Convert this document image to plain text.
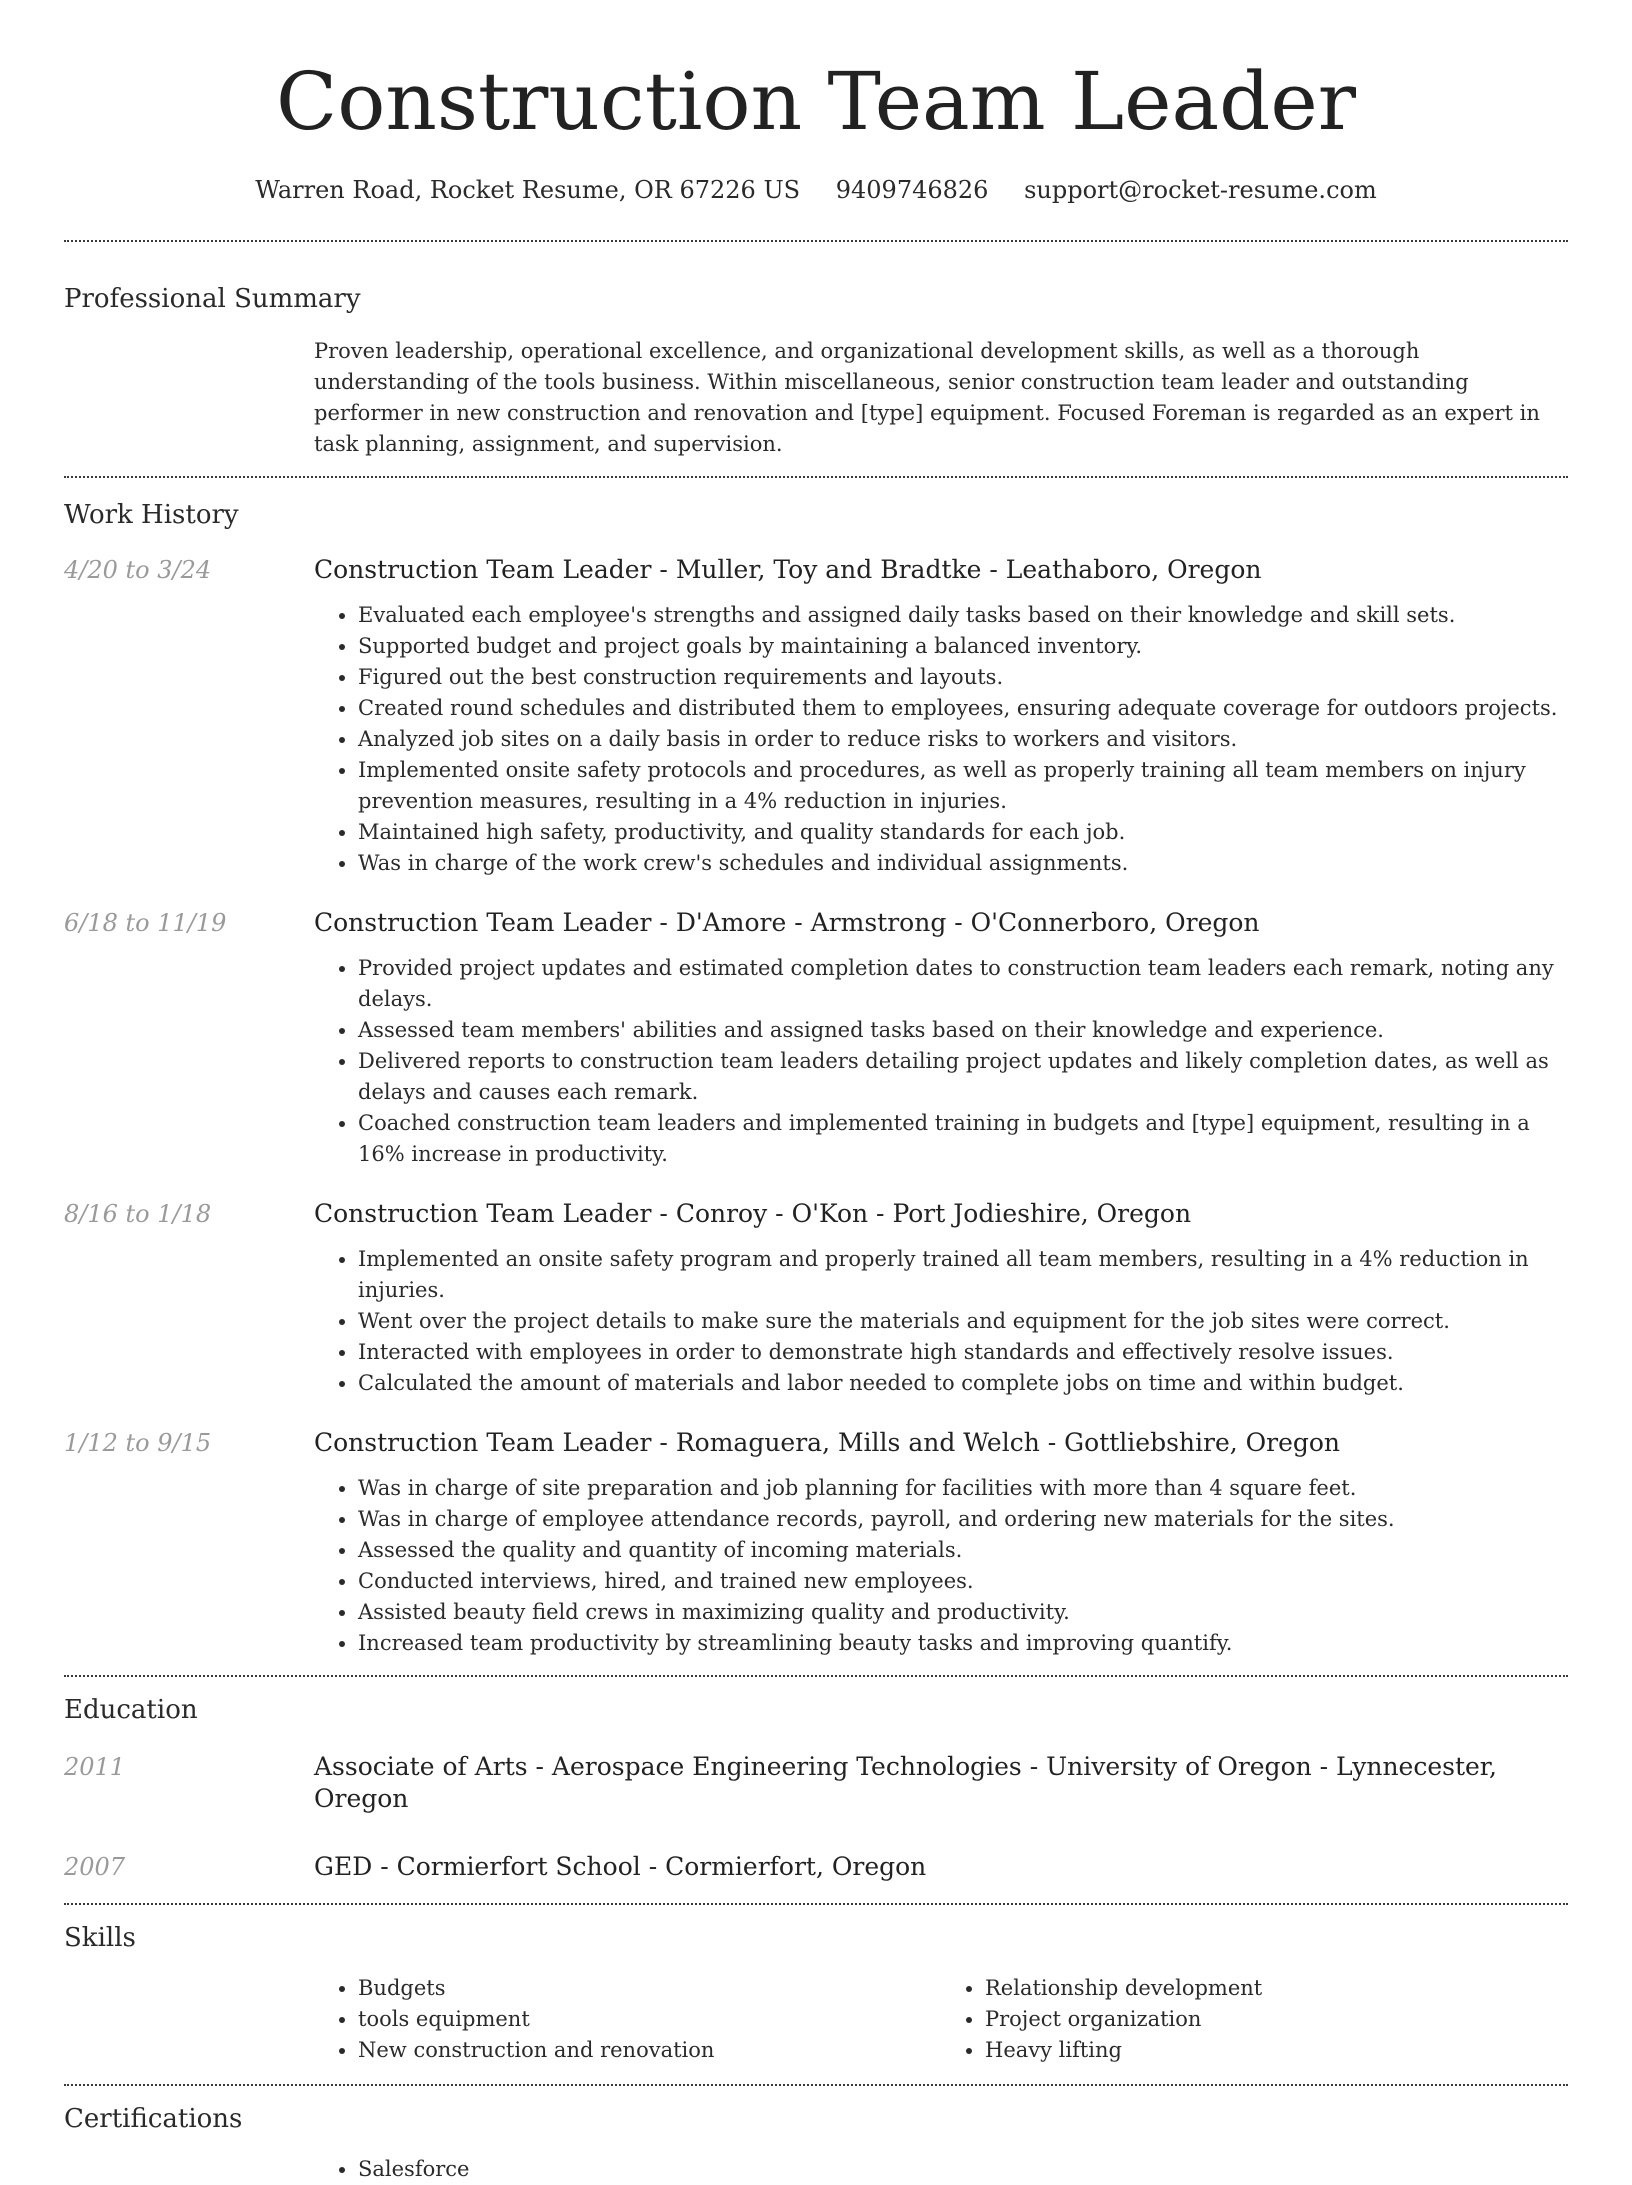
Construction Team Leader
Warren Road, Rocket Resume, OR 67226 US 9409746826 support@rocket-resume.com
Professional Summary
Proven leadership, operational excellence, and organizational development skills, as well as a thorough understanding of the tools business. Within miscellaneous, senior construction team leader and outstanding performer in new construction and renovation and [type] equipment. Focused Foreman is regarded as an expert in task planning, assignment, and supervision.
Work History
4/20 to 3/24	Construction Team Leader - Muller, Toy and Bradtke - Leathaboro, Oregon
• Evaluated each employee's strengths and assigned daily tasks based on their knowledge and skill sets.
• Supported budget and project goals by maintaining a balanced inventory.
• Figured out the best construction requirements and layouts.
• Created round schedules and distributed them to employees, ensuring adequate coverage for outdoors projects.
• Analyzed job sites on a daily basis in order to reduce risks to workers and visitors.
• Implemented onsite safety protocols and procedures, as well as properly training all team members on injury prevention measures, resulting in a 4% reduction in injuries.
• Maintained high safety, productivity, and quality standards for each job.
• Was in charge of the work crew's schedules and individual assignments.
6/18 to 11/19	Construction Team Leader - D'Amore - Armstrong - O'Connerboro, Oregon
• Provided project updates and estimated completion dates to construction team leaders each remark, noting any delays.
• Assessed team members' abilities and assigned tasks based on their knowledge and experience.
• Delivered reports to construction team leaders detailing project updates and likely completion dates, as well as delays and causes each remark.
• Coached construction team leaders and implemented training in budgets and [type] equipment, resulting in a 16% increase in productivity.
8/16 to 1/18	Construction Team Leader - Conroy - O'Kon - Port Jodieshire, Oregon
• Implemented an onsite safety program and properly trained all team members, resulting in a 4% reduction in injuries.
• Went over the project details to make sure the materials and equipment for the job sites were correct.
• Interacted with employees in order to demonstrate high standards and effectively resolve issues.
• Calculated the amount of materials and labor needed to complete jobs on time and within budget.
1/12 to 9/15	Construction Team Leader - Romaguera, Mills and Welch - Gottliebshire, Oregon
• Was in charge of site preparation and job planning for facilities with more than 4 square feet.
• Was in charge of employee attendance records, payroll, and ordering new materials for the sites.
• Assessed the quality and quantity of incoming materials.
• Conducted interviews, hired, and trained new employees.
• Assisted beauty field crews in maximizing quality and productivity.
• Increased team productivity by streamlining beauty tasks and improving quantify.
Education
2011	Associate of Arts - Aerospace Engineering Technologies - University of Oregon - Lynnecester, Oregon
2007	GED - Cormierfort School - Cormierfort, Oregon
Skills
• Budgets
• tools equipment
• New construction and renovation
• Relationship development
• Project organization
• Heavy lifting
Certifications
• Salesforce
